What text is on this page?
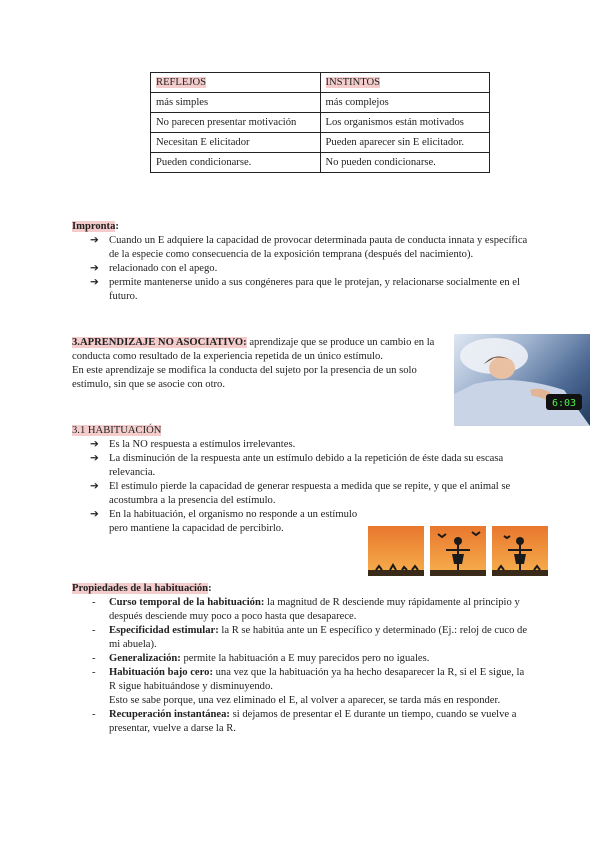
REFLEJOS	INSTINTOS
más simples	más complejos
No parecen presentar motivación	Los organismos están motivados
Necesitan E elicitador	Pueden aparecer sin E elicitador.
Pueden condicionarse.	No pueden condicionarse.
Impronta:
➔ Cuando un E adquiere la capacidad de provocar determinada pauta de conducta innata y específica de la especie como consecuencia de la exposición temprana (después del nacimiento).
➔ relacionado con el apego.
➔ permite mantenerse unido a sus congéneres para que le protejan, y relacionarse socialmente en el futuro.
3.APRENDIZAJE NO ASOCIATIVO: aprendizaje que se produce un cambio en la conducta como resultado de la experiencia repetida de un único estímulo.
En este aprendizaje se modifica la conducta del sujeto por la presencia de un solo estímulo, sin que se asocie con otro.
6:03
3.1 HABITUACIÓN
➔ Es la NO respuesta a estímulos irrelevantes.
➔ La disminución de la respuesta ante un estímulo debido a la repetición de éste dada su escasa relevancia.
➔ El estímulo pierde la capacidad de generar respuesta a medida que se repite, y que el animal se acostumbra a la presencia del estímulo.
➔ En la habituación, el organismo no responde a un estímulo pero mantiene la capacidad de percibirlo.
Propiedades de la habituación:
- Curso temporal de la habituación: la magnitud de R desciende muy rápidamente al principio y después desciende muy poco a poco hasta que desaparece.
- Especificidad estimular: la R se habitúa ante un E específico y determinado (Ej.: reloj de cuco de mi abuela).
- Generalización: permite la habituación a E muy parecidos pero no iguales.
- Habituación bajo cero: una vez que la habituación ya ha hecho desaparecer la R, si el E sigue, la R sigue habituándose y disminuyendo.
Esto se sabe porque, una vez eliminado el E, al volver a aparecer, se tarda más en responder.
- Recuperación instantánea: si dejamos de presentar el E durante un tiempo, cuando se vuelve a presentar, vuelve a darse la R.
